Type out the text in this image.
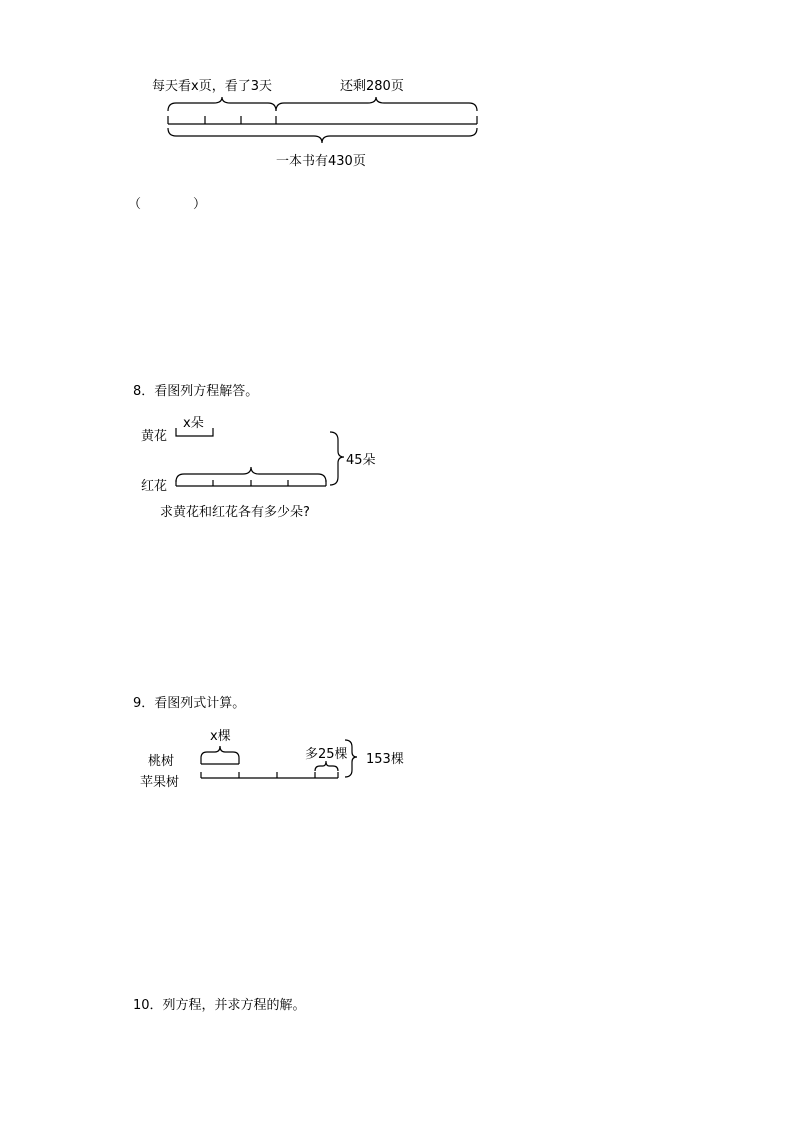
每天看x页，看了3天	还剩280页
一本书有430页
（　　　　）
8．看图列方程解答。
x朵
黄花
红花
45朵
求黄花和红花各有多少朵?
9．看图列式计算。
x棵
多25棵 153棵
桃树
苹果树
10．列方程，并求方程的解。
